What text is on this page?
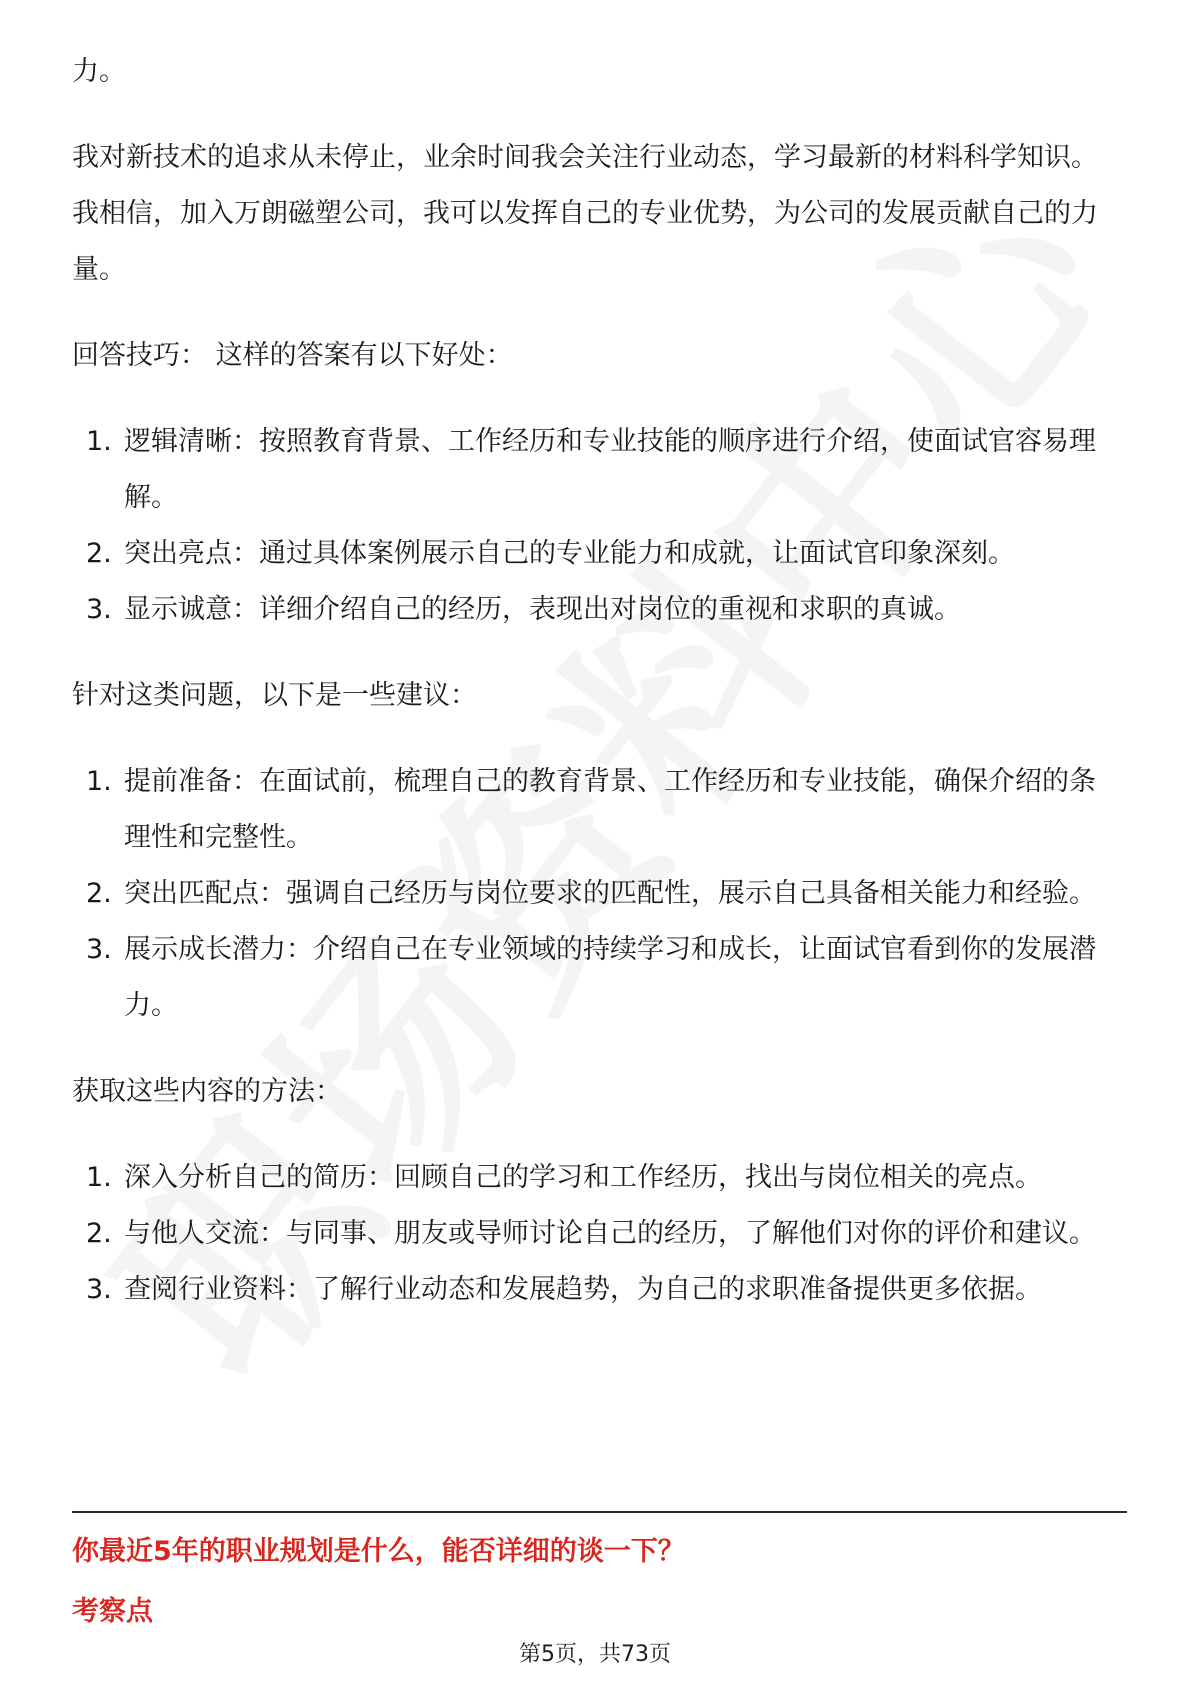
力。

我对新技术的追求从未停止，业余时间我会关注行业动态，学习最新的材料科学知识。我相信，加入万朗磁塑公司，我可以发挥自己的专业优势，为公司的发展贡献自己的力量。

回答技巧： 这样的答案有以下好处：

1. 逻辑清晰：按照教育背景、工作经历和专业技能的顺序进行介绍，使面试官容易理解。
2. 突出亮点：通过具体案例展示自己的专业能力和成就，让面试官印象深刻。
3. 显示诚意：详细介绍自己的经历，表现出对岗位的重视和求职的真诚。

针对这类问题，以下是一些建议：

1. 提前准备：在面试前，梳理自己的教育背景、工作经历和专业技能，确保介绍的条理性和完整性。
2. 突出匹配点：强调自己经历与岗位要求的匹配性，展示自己具备相关能力和经验。
3. 展示成长潜力：介绍自己在专业领域的持续学习和成长，让面试官看到你的发展潜力。

获取这些内容的方法：

1. 深入分析自己的简历：回顾自己的学习和工作经历，找出与岗位相关的亮点。
2. 与他人交流：与同事、朋友或导师讨论自己的经历，了解他们对你的评价和建议。
3. 查阅行业资料：了解行业动态和发展趋势，为自己的求职准备提供更多依据。
你最近5年的职业规划是什么，能否详细的谈一下？
考察点
第5页，共73页
